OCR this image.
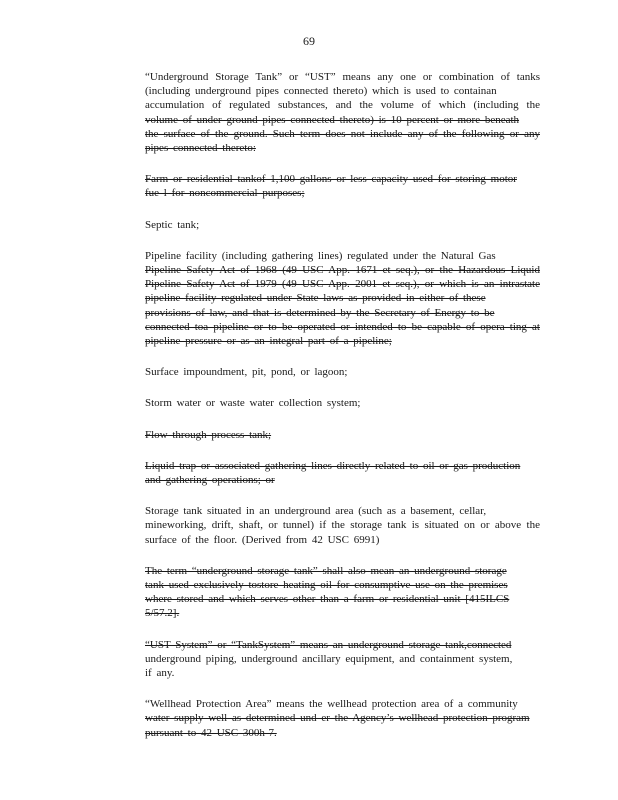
69
“Underground Storage Tank” or “UST” means any one or combination of tanks
(including underground pipes connected thereto) which is used to containan
accumulation of regulated substances, and the volume of which (including the
volume of under ground pipes connected thereto) is 10 percent or more beneath
the surface of the ground. Such term does not include any of the following or any
pipes connected thereto:
Farm or residential tankof 1,100 gallons or less capacity used for storing motor
fue l for noncommercial purposes;
Septic tank;
Pipeline facility (including gathering lines) regulated under the Natural Gas
Pipeline Safety Act of 1968 (49 USC App. 1671 et seq.), or the Hazardous Liquid
Pipeline Safety Act of 1979 (49 USC App. 2001 et seq.), or which is an intrastate
pipeline facility regulated under State laws as provided in either of these
provisions of law, and that is determined by the Secretary of Energy to be
connected toa pipeline or to be operated or intended to be capable of opera ting at
pipeline pressure or as an integral part of a pipeline;
Surface impoundment, pit, pond, or lagoon;
Storm water or waste water collection system;
Flow through process tank;
Liquid trap or associated gathering lines directly related to oil or gas production
and gathering operations; or
Storage tank situated in an underground area (such as a basement, cellar,
mineworking, drift, shaft, or tunnel) if the storage tank is situated on or above the
surface of the floor. (Derived from 42 USC 6991)
The term “underground storage tank” shall also mean an underground storage
tank used exclusively tostore heating oil for consumptive use on the premises
where stored and which serves other than a farm or residential unit [415ILCS
5/57.2].
“UST System” or “TankSystem” means an underground storage tank,connected
underground piping, underground ancillary equipment, and containment system,
if any.
“Wellhead Protection Area” means the wellhead protection area of a community
water supply well as determined und er the Agency’s wellhead protection program
pursuant to 42 USC 300h-7.
